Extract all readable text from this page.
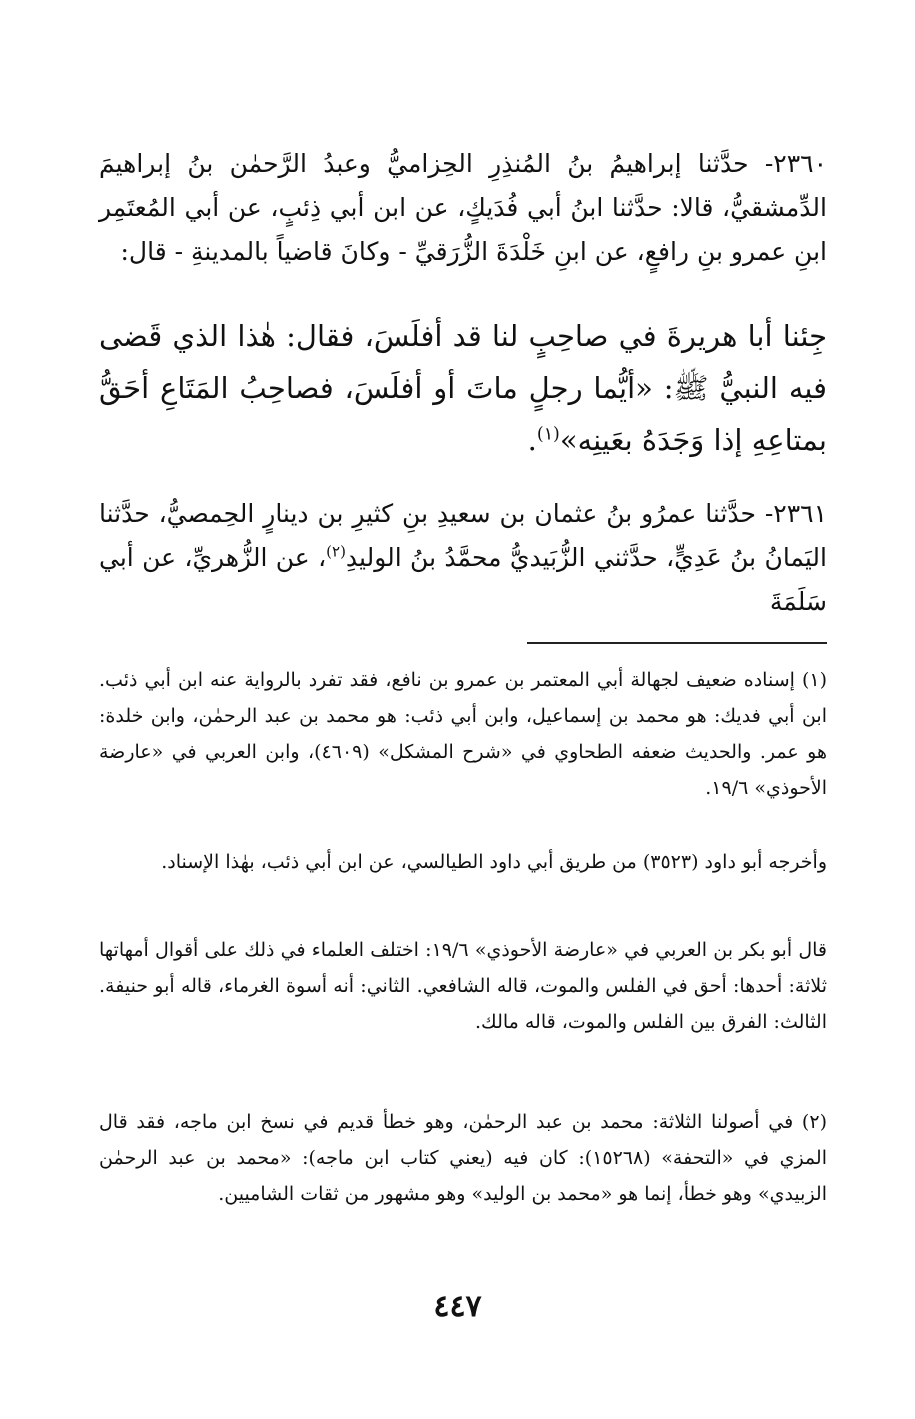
٢٣٦٠- حدَّثنا إبراهيمُ بنُ المُنذِرِ الحِزاميُّ وعبدُ الرَّحمٰن بنُ إبراهيمَ الدِّمشقيُّ، قالا: حدَّثنا ابنُ أبي فُدَيكٍ، عن ابن أبي ذِئبٍ، عن أبي المُعتَمِر ابنِ عمرو بنِ رافعٍ، عن ابنِ خَلْدَةَ الزُّرَقيِّ - وكانَ قاضياً بالمدينةِ - قال:

جِئنا أبا هريرةَ في صاحِبٍ لنا قد أفلَسَ، فقال: هٰذا الذي قَضى فيه النبيُّ ﷺ: «أيُّما رجلٍ ماتَ أو أفلَسَ، فصاحِبُ المَتَاعِ أحَقُّ بمتاعِهِ إذا وَجَدَهُ بعَينِه»$^{(١)}$.

٢٣٦١- حدَّثنا عمرُو بنُ عثمان بن سعيدِ بنِ كثيرِ بن دينارٍ الحِمصيُّ، حدَّثنا اليَمانُ بنُ عَدِيٍّ، حدَّثني الزُّبَيديُّ محمَّدُ بنُ الوليدِ$^{(٢)}$، عن الزُّهريِّ، عن أبي سَلَمَةَ

(١) إسناده ضعيف لجهالة أبي المعتمر بن عمرو بن نافع، فقد تفرد بالرواية عنه ابن أبي ذئب. ابن أبي فديك: هو محمد بن إسماعيل، وابن أبي ذئب: هو محمد بن عبد الرحمٰن، وابن خلدة: هو عمر. والحديث ضعفه الطحاوي في «شرح المشكل» (٤٦٠٩)، وابن العربي في «عارضة الأحوذي» ١٩/٦.

وأخرجه أبو داود (٣٥٢٣) من طريق أبي داود الطيالسي، عن ابن أبي ذئب، بهٰذا الإسناد.

قال أبو بكر بن العربي في «عارضة الأحوذي» ١٩/٦: اختلف العلماء في ذلك على أقوال أمهاتها ثلاثة: أحدها: أحق في الفلس والموت، قاله الشافعي. الثاني: أنه أسوة الغرماء، قاله أبو حنيفة. الثالث: الفرق بين الفلس والموت، قاله مالك.

(٢) في أصولنا الثلاثة: محمد بن عبد الرحمٰن، وهو خطأ قديم في نسخ ابن ماجه، فقد قال المزي في «التحفة» (١٥٢٦٨): كان فيه (يعني كتاب ابن ماجه): «محمد بن عبد الرحمٰن الزبيدي» وهو خطأ، إنما هو «محمد بن الوليد» وهو مشهور من ثقات الشاميين.

٤٤٧
